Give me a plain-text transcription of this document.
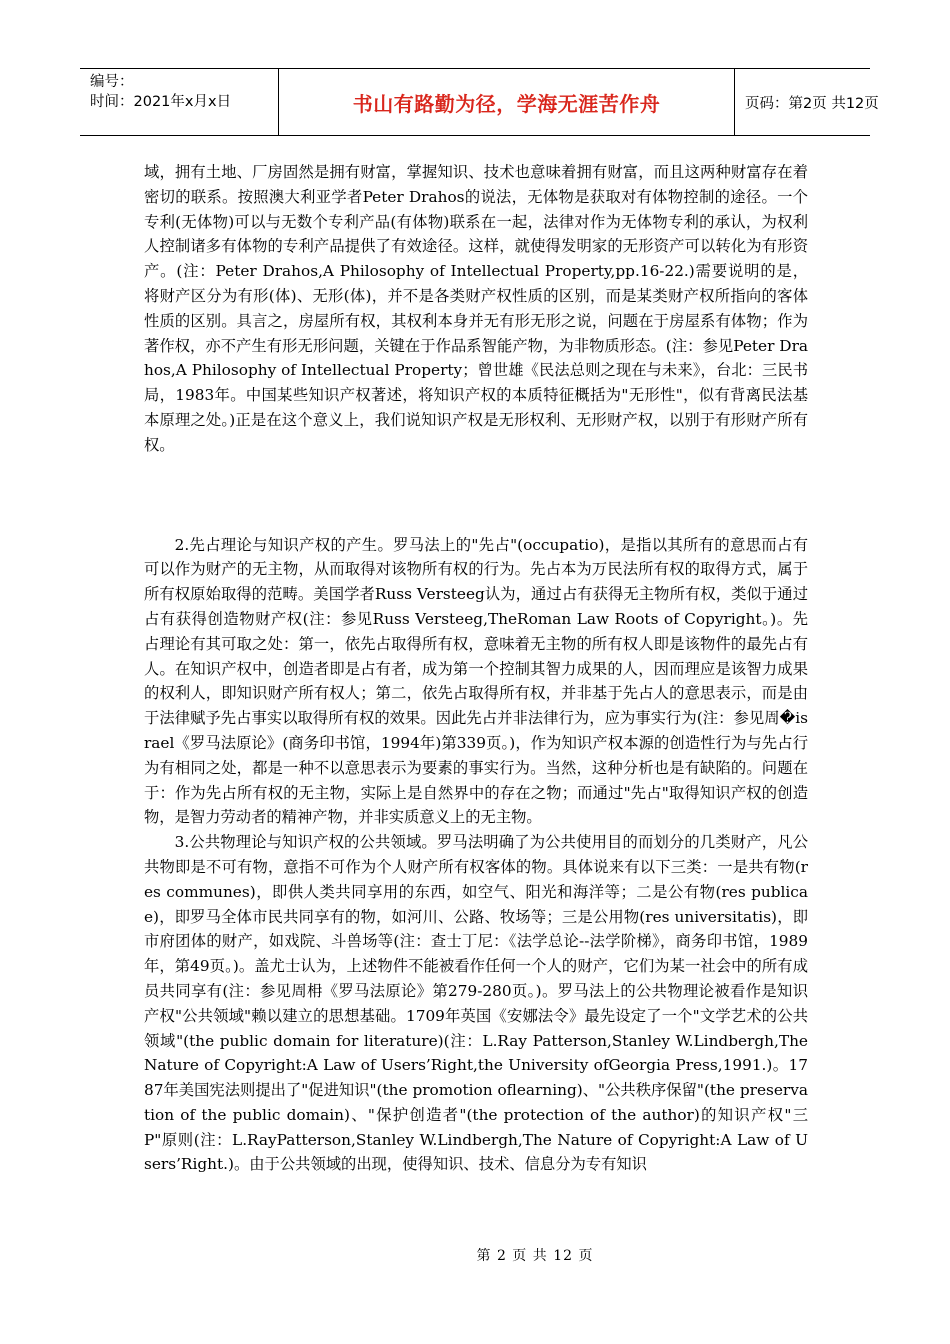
编号：
时间：2021年x月x日	书山有路勤为径，学海无涯苦作舟	页码：第2页 共12页

域，拥有土地、厂房固然是拥有财富，掌握知识、技术也意味着拥有财富，而且这两种财富存在着密切的联系。按照澳大利亚学者Peter Drahos的说法，无体物是获取对有体物控制的途径。一个专利(无体物)可以与无数个专利产品(有体物)联系在一起，法律对作为无体物专利的承认，为权利人控制诸多有体物的专利产品提供了有效途径。这样，就使得发明家的无形资产可以转化为有形资产。(注：Peter Drahos,A Philosophy of Intellectual Property,pp.16-22.)需要说明的是，将财产区分为有形(体)、无形(体)，并不是各类财产权性质的区别，而是某类财产权所指向的客体性质的区别。具言之，房屋所有权，其权利本身并无有形无形之说，问题在于房屋系有体物；作为著作权，亦不产生有形无形问题，关键在于作品系智能产物，为非物质形态。(注：参见Peter Drahos,A Philosophy of Intellectual Property；曾世雄《民法总则之现在与未来》，台北：三民书局，1983年。中国某些知识产权著述，将知识产权的本质特征概括为"无形性"，似有背离民法基本原理之处。)正是在这个意义上，我们说知识产权是无形权利、无形财产权，以别于有形财产所有权。

2.先占理论与知识产权的产生。罗马法上的"先占"(occupatio)，是指以其所有的意思而占有可以作为财产的无主物，从而取得对该物所有权的行为。先占本为万民法所有权的取得方式，属于所有权原始取得的范畴。美国学者Russ Versteeg认为，通过占有获得无主物所有权，类似于通过占有获得创造物财产权(注：参见Russ Versteeg,TheRoman Law Roots of Copyright。)。先占理论有其可取之处：第一，依先占取得所有权，意味着无主物的所有权人即是该物件的最先占有人。在知识产权中，创造者即是占有者，成为第一个控制其智力成果的人，因而理应是该智力成果的权利人，即知识财产所有权人；第二，依先占取得所有权，并非基于先占人的意思表示，而是由于法律赋予先占事实以取得所有权的效果。因此先占并非法律行为，应为事实行为(注：参见周�israel《罗马法原论》(商务印书馆，1994年)第339页。)，作为知识产权本源的创造性行为与先占行为有相同之处，都是一种不以意思表示为要素的事实行为。当然，这种分析也是有缺陷的。问题在于：作为先占所有权的无主物，实际上是自然界中的存在之物；而通过"先占"取得知识产权的创造物，是智力劳动者的精神产物，并非实质意义上的无主物。

3.公共物理论与知识产权的公共领域。罗马法明确了为公共使用目的而划分的几类财产，凡公共物即是不可有物，意指不可作为个人财产所有权客体的物。具体说来有以下三类：一是共有物(res communes)，即供人类共同享用的东西，如空气、阳光和海洋等；二是公有物(res publicae)，即罗马全体市民共同享有的物，如河川、公路、牧场等；三是公用物(res universitatis)，即市府团体的财产，如戏院、斗兽场等(注：查士丁尼：《法学总论--法学阶梯》，商务印书馆，1989年，第49页。)。盖尤士认为，上述物件不能被看作任何一个人的财产，它们为某一社会中的所有成员共同享有(注：参见周枏《罗马法原论》第279-280页。)。罗马法上的公共物理论被看作是知识产权"公共领域"赖以建立的思想基础。1709年英国《安娜法令》最先设定了一个"文学艺术的公共领域"(the public domain for literature)(注：L.Ray Patterson,Stanley W.Lindbergh,The Nature of Copyright:A Law of Users’Right,the University ofGeorgia Press,1991.)。1787年美国宪法则提出了"促进知识"(the promotion oflearning)、"公共秩序保留"(the preservation of the public domain)、"保护创造者"(the protection of the author)的知识产权"三P"原则(注：L.RayPatterson,Stanley W.Lindbergh,The Nature of Copyright:A Law of Users’Right.)。由于公共领域的出现，使得知识、技术、信息分为专有知识

第 2 页 共 12 页
